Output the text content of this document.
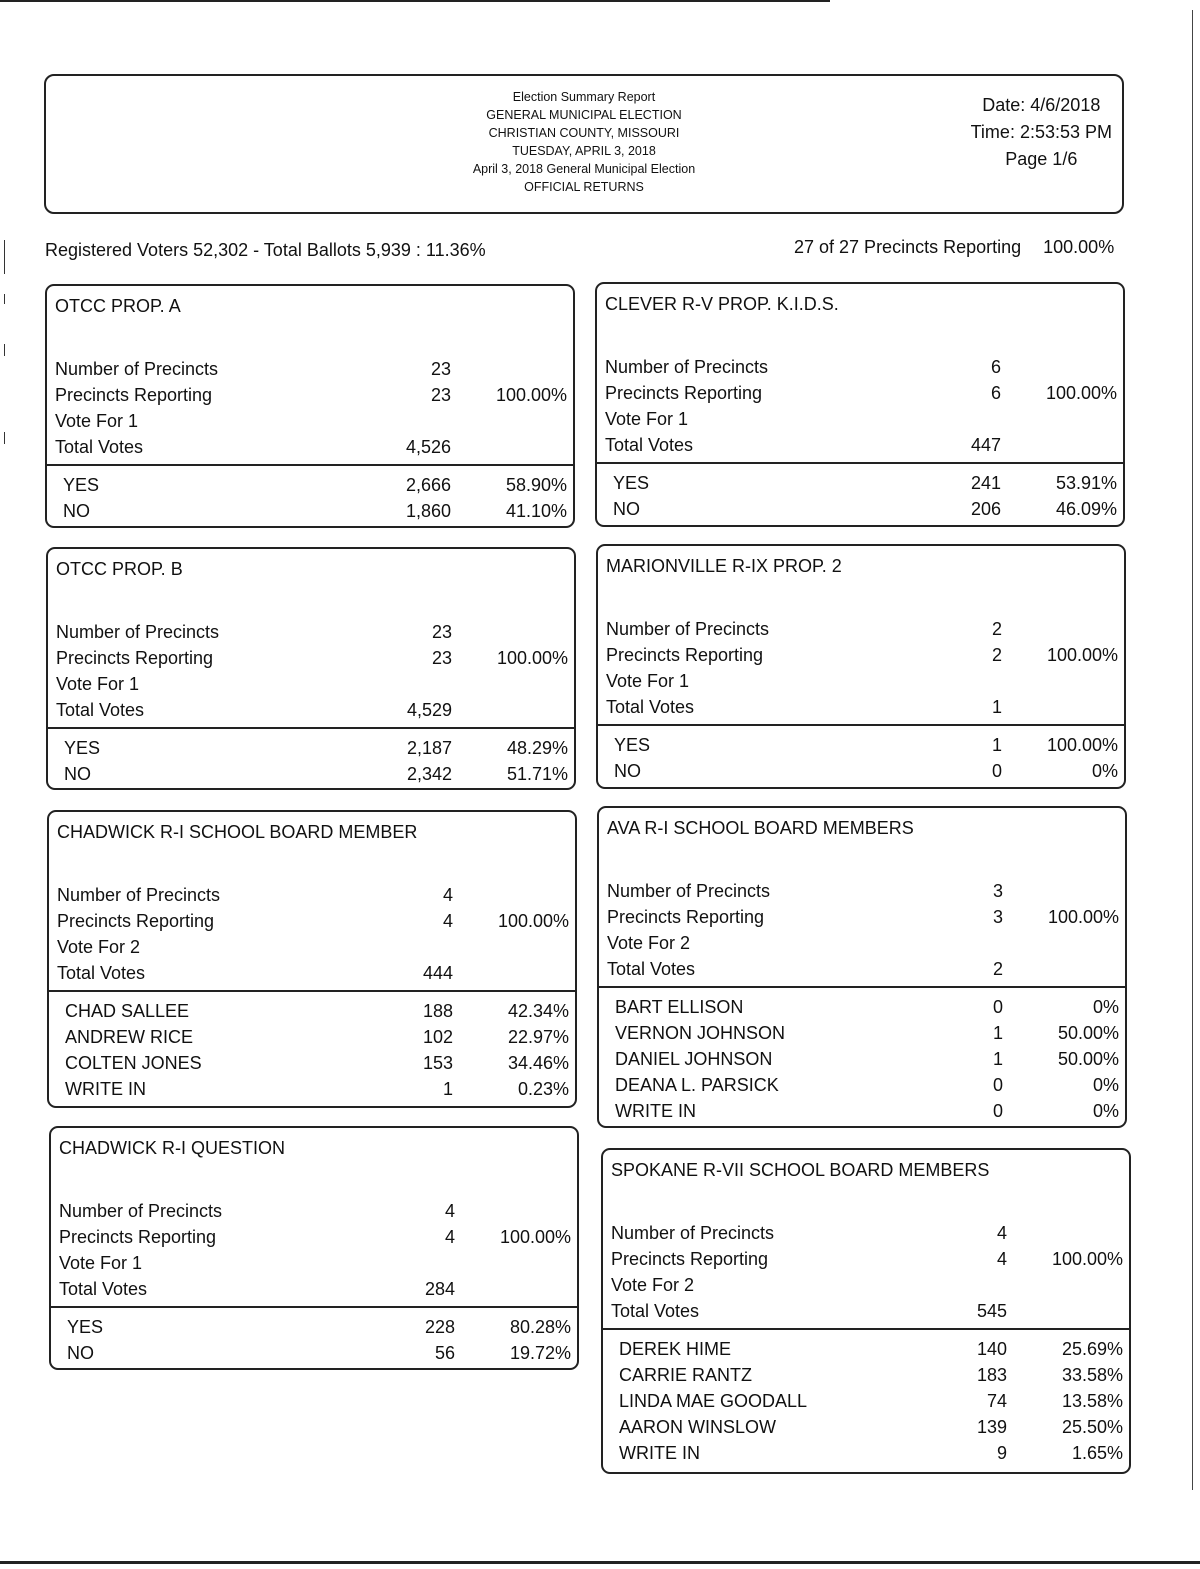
Election Summary Report
GENERAL MUNICIPAL ELECTION
CHRISTIAN COUNTY, MISSOURI
TUESDAY, APRIL 3, 2018
April 3, 2018 General Municipal Election
OFFICIAL RETURNS
Date: 4/6/2018
Time: 2:53:53 PM
Page 1/6
Registered Voters 52,302 - Total Ballots 5,939 : 11.36%	27 of 27 Precincts Reporting 100.00%
OTCC PROP. A
Number of Precincts	23
Precincts Reporting	23 100.00%
Vote For 1
Total Votes	4,526
YES	2,666	58.90%
NO	1,860	41.10%
OTCC PROP. B
Number of Precincts	23
Precincts Reporting	23 100.00%
Vote For 1
Total Votes	4,529
YES	2,187	48.29%
NO	2,342	51.71%
CHADWICK R-I SCHOOL BOARD MEMBER
Number of Precincts	4
Precincts Reporting	4 100.00%
Vote For 2
Total Votes	444
CHAD SALLEE	188	42.34%
ANDREW RICE	102	22.97%
COLTEN JONES	153	34.46%
WRITE IN	1	0.23%
CHADWICK R-I QUESTION
Number of Precincts	4
Precincts Reporting	4 100.00%
Vote For 1
Total Votes	284
YES	228	80.28%
NO	56	19.72%
CLEVER R-V PROP. K.I.D.S.
Number of Precincts	6
Precincts Reporting	6 100.00%
Vote For 1
Total Votes	447
YES	241	53.91%
NO	206	46.09%
MARIONVILLE R-IX PROP. 2
Number of Precincts	2
Precincts Reporting	2 100.00%
Vote For 1
Total Votes	1
YES	1 100.00%
NO	0	0%
AVA R-I SCHOOL BOARD MEMBERS
Number of Precincts	3
Precincts Reporting	3 100.00%
Vote For 2
Total Votes	2
BART ELLISON	0	0%
VERNON JOHNSON	1	50.00%
DANIEL JOHNSON	1	50.00%
DEANA L. PARSICK	0	0%
WRITE IN	0	0%
SPOKANE R-VII SCHOOL BOARD MEMBERS
Number of Precincts	4
Precincts Reporting	4 100.00%
Vote For 2
Total Votes	545
DEREK HIME	140	25.69%
CARRIE RANTZ	183	33.58%
LINDA MAE GOODALL	74	13.58%
AARON WINSLOW	139	25.50%
WRITE IN	9	1.65%
